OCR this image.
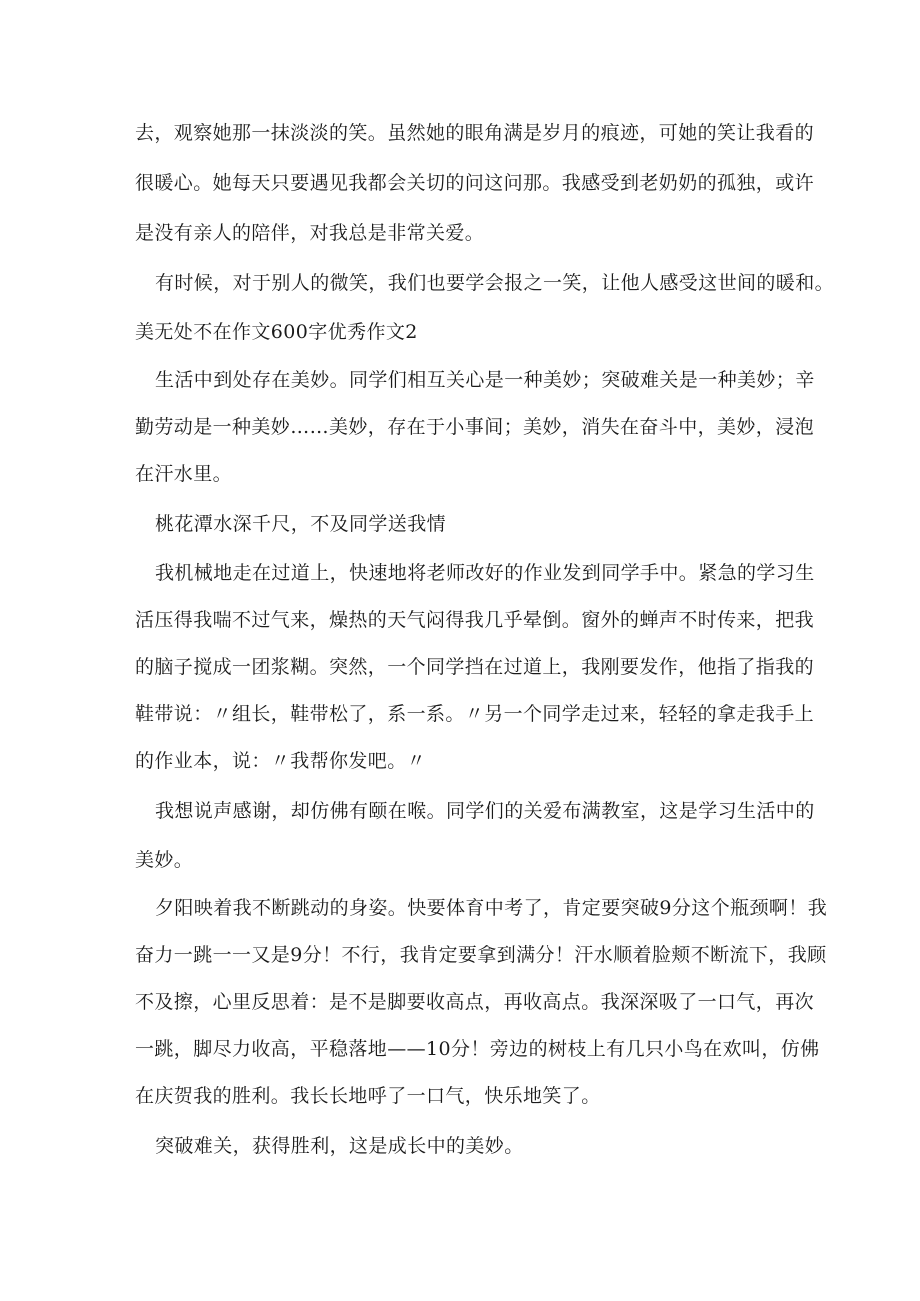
去，观察她那一抹淡淡的笑。虽然她的眼角满是岁月的痕迹，可她的笑让我看的
很暖心。她每天只要遇见我都会关切的问这问那。我感受到老奶奶的孤独，或许
是没有亲人的陪伴，对我总是非常关爱。
有时候，对于别人的微笑，我们也要学会报之一笑，让他人感受这世间的暖和。
美无处不在作文600字优秀作文2
生活中到处存在美妙。同学们相互关心是一种美妙；突破难关是一种美妙；辛
勤劳动是一种美妙……美妙，存在于小事间；美妙，消失在奋斗中，美妙，浸泡
在汗水里。
桃花潭水深千尺，不及同学送我情
我机械地走在过道上，快速地将老师改好的作业发到同学手中。紧急的学习生
活压得我喘不过气来，燥热的天气闷得我几乎晕倒。窗外的蝉声不时传来，把我
的脑子搅成一团浆糊。突然，一个同学挡在过道上，我刚要发作，他指了指我的
鞋带说：〃组长，鞋带松了，系一系。〃另一个同学走过来，轻轻的拿走我手上
的作业本，说：〃我帮你发吧。〃
我想说声感谢，却仿佛有颐在喉。同学们的关爱布满教室，这是学习生活中的
美妙。
夕阳映着我不断跳动的身姿。快要体育中考了，肯定要突破9分这个瓶颈啊！我
奋力一跳一一又是9分！不行，我肯定要拿到满分！汗水顺着脸颊不断流下，我顾
不及擦，心里反思着：是不是脚要收高点，再收高点。我深深吸了一口气，再次
一跳，脚尽力收高，平稳落地——10分！旁边的树枝上有几只小鸟在欢叫，仿佛
在庆贺我的胜利。我长长地呼了一口气，快乐地笑了。
突破难关，获得胜利，这是成长中的美妙。
